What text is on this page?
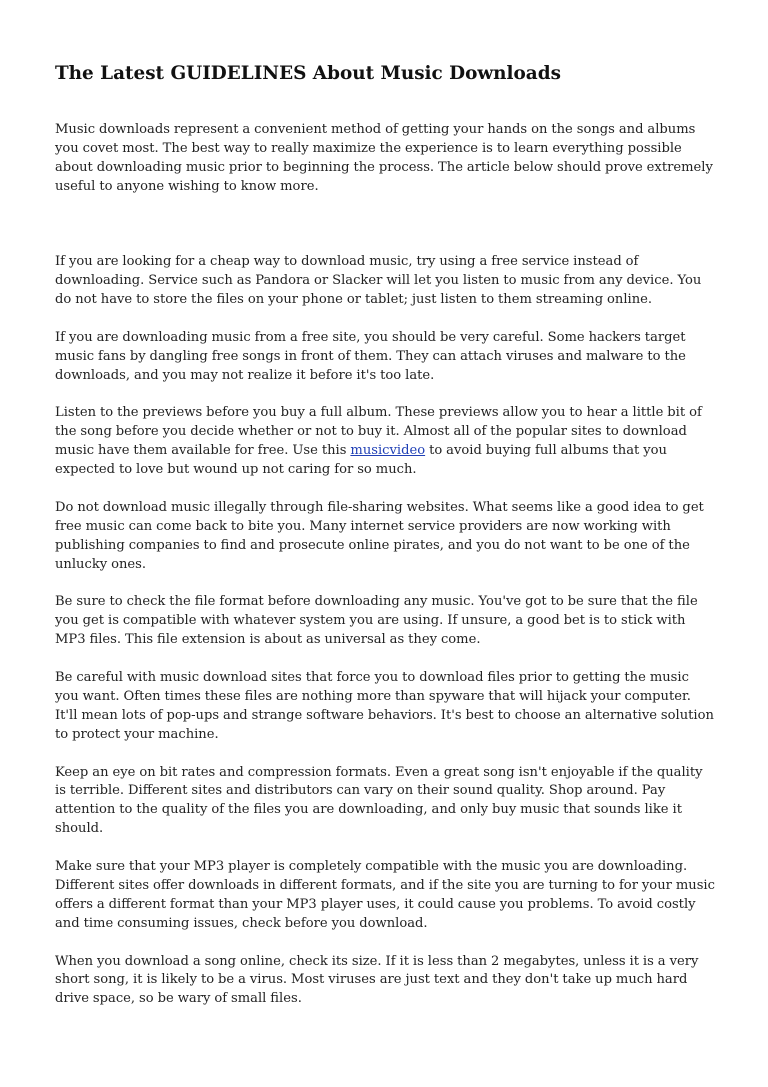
The Latest GUIDELINES About Music Downloads

Music downloads represent a convenient method of getting your hands on the songs and albums you covet most. The best way to really maximize the experience is to learn everything possible about downloading music prior to beginning the process. The article below should prove extremely useful to anyone wishing to know more.

If you are looking for a cheap way to download music, try using a free service instead of downloading. Service such as Pandora or Slacker will let you listen to music from any device. You do not have to store the files on your phone or tablet; just listen to them streaming online.

If you are downloading music from a free site, you should be very careful. Some hackers target music fans by dangling free songs in front of them. They can attach viruses and malware to the downloads, and you may not realize it before it's too late.

Listen to the previews before you buy a full album. These previews allow you to hear a little bit of the song before you decide whether or not to buy it. Almost all of the popular sites to download music have them available for free. Use this musicvideo to avoid buying full albums that you expected to love but wound up not caring for so much.

Do not download music illegally through file-sharing websites. What seems like a good idea to get free music can come back to bite you. Many internet service providers are now working with publishing companies to find and prosecute online pirates, and you do not want to be one of the unlucky ones.

Be sure to check the file format before downloading any music. You've got to be sure that the file you get is compatible with whatever system you are using. If unsure, a good bet is to stick with MP3 files. This file extension is about as universal as they come.

Be careful with music download sites that force you to download files prior to getting the music you want. Often times these files are nothing more than spyware that will hijack your computer. It'll mean lots of pop-ups and strange software behaviors. It's best to choose an alternative solution to protect your machine.

Keep an eye on bit rates and compression formats. Even a great song isn't enjoyable if the quality is terrible. Different sites and distributors can vary on their sound quality. Shop around. Pay attention to the quality of the files you are downloading, and only buy music that sounds like it should.

Make sure that your MP3 player is completely compatible with the music you are downloading. Different sites offer downloads in different formats, and if the site you are turning to for your music offers a different format than your MP3 player uses, it could cause you problems. To avoid costly and time consuming issues, check before you download.

When you download a song online, check its size. If it is less than 2 megabytes, unless it is a very short song, it is likely to be a virus. Most viruses are just text and they don't take up much hard drive space, so be wary of small files.
